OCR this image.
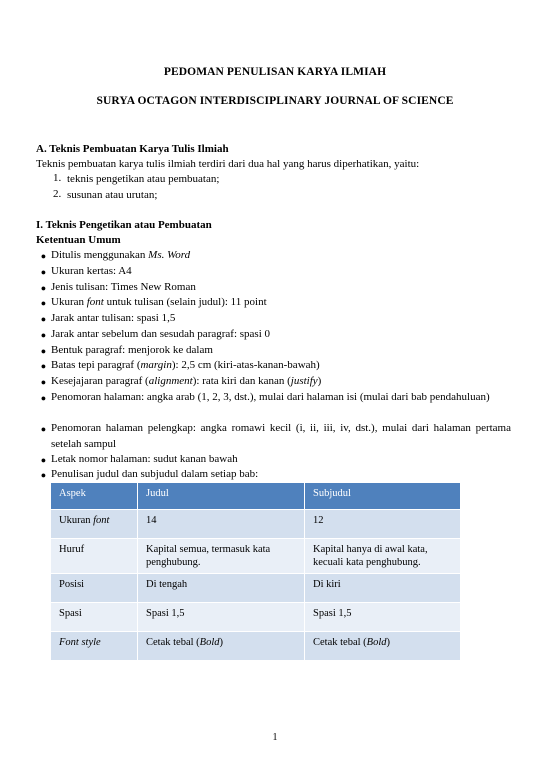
PEDOMAN PENULISAN KARYA ILMIAH
SURYA OCTAGON INTERDISCIPLINARY JOURNAL OF SCIENCE
A. Teknis Pembuatan Karya Tulis Ilmiah
Teknis pembuatan karya tulis ilmiah terdiri dari dua hal yang harus diperhatikan, yaitu:
1. teknis pengetikan atau pembuatan;
2. susunan atau urutan;
I. Teknis Pengetikan atau Pembuatan
Ketentuan Umum
● Ditulis menggunakan Ms. Word
● Ukuran kertas: A4
● Jenis tulisan: Times New Roman
● Ukuran font untuk tulisan (selain judul): 11 point
● Jarak antar tulisan: spasi 1,5
● Jarak antar sebelum dan sesudah paragraf: spasi 0
● Bentuk paragraf: menjorok ke dalam
● Batas tepi paragraf (margin): 2,5 cm (kiri-atas-kanan-bawah)
● Kesejajaran paragraf (alignment): rata kiri dan kanan (justify)
● Penomoran halaman: angka arab (1, 2, 3, dst.), mulai dari halaman isi (mulai dari bab pendahuluan)
● Penomoran halaman pelengkap: angka romawi kecil (i, ii, iii, iv, dst.), mulai dari halaman pertama setelah sampul
● Letak nomor halaman: sudut kanan bawah
● Penulisan judul dan subjudul dalam setiap bab:
Aspek	Judul	Subjudul
Ukuran font	14	12
Huruf	Kapital semua, termasuk kata penghubung.	Kapital hanya di awal kata, kecuali kata penghubung.
Posisi	Di tengah	Di kiri
Spasi	Spasi 1,5	Spasi 1,5
Font style	Cetak tebal (Bold)	Cetak tebal (Bold)
1
